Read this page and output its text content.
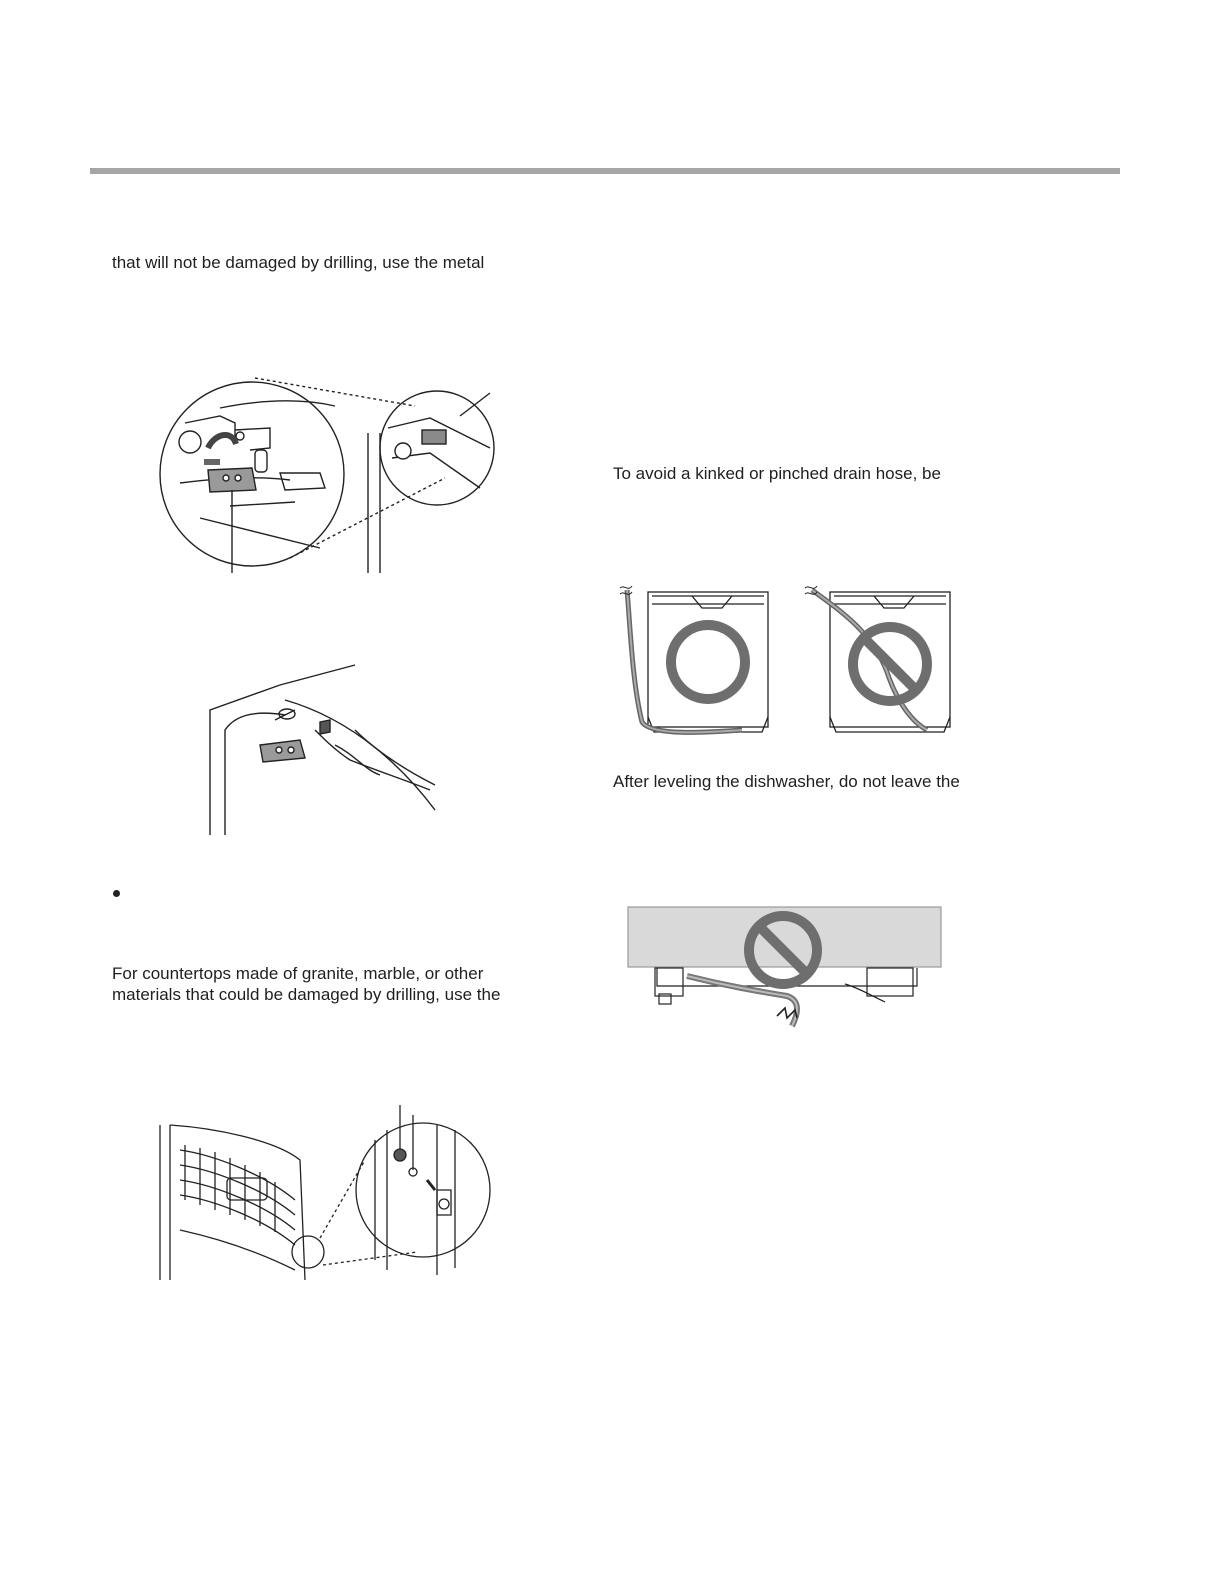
that will not be damaged by drilling, use the metal
For countertops made of granite, marble, or other
materials that could be damaged by drilling, use the
To avoid a kinked or pinched drain hose, be
After leveling the dishwasher, do not leave the
